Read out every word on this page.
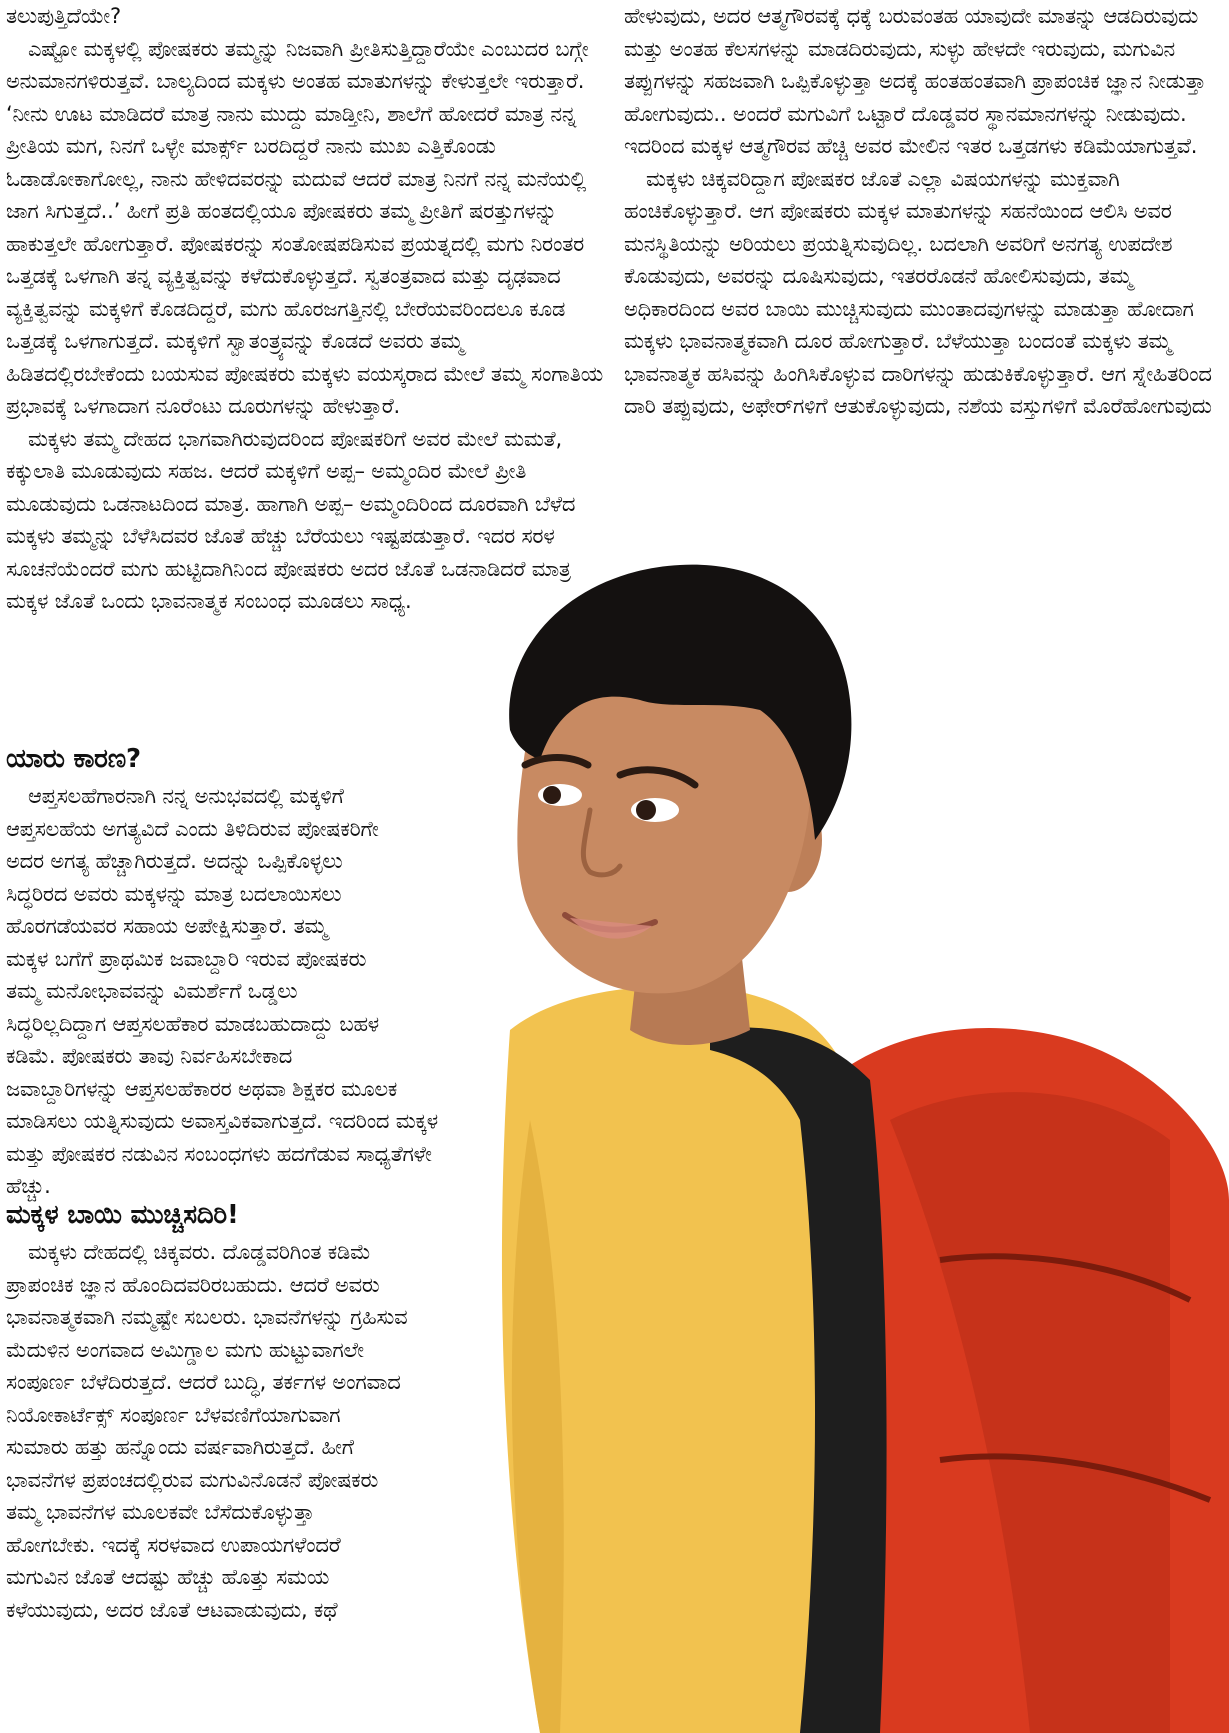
ತಲುಪುತ್ತಿದೆಯೇ?

ಎಷ್ಟೋ ಮಕ್ಕಳಲ್ಲಿ ಪೋಷಕರು ತಮ್ಮನ್ನು ನಿಜವಾಗಿ ಪ್ರೀತಿಸುತ್ತಿದ್ದಾರೆಯೇ ಎಂಬುದರ ಬಗ್ಗೇ ಅನುಮಾನಗಳಿರುತ್ತವೆ. ಬಾಲ್ಯದಿಂದ ಮಕ್ಕಳು ಅಂತಹ ಮಾತುಗಳನ್ನು ಕೇಳುತ್ತಲೇ ಇರುತ್ತಾರೆ. ‘ನೀನು ಊಟ ಮಾಡಿದರೆ ಮಾತ್ರ ನಾನು ಮುದ್ದು ಮಾಡ್ತೀನಿ, ಶಾಲೆಗೆ ಹೋದರೆ ಮಾತ್ರ ನನ್ನ ಪ್ರೀತಿಯ ಮಗ, ನಿನಗೆ ಒಳ್ಳೇ ಮಾರ್ಕ್ಸ್ ಬರದಿದ್ದರೆ ನಾನು ಮುಖ ಎತ್ತಿಕೊಂಡು ಓಡಾಡೋಕಾಗೋಲ್ಲ, ನಾನು ಹೇಳಿದವರನ್ನು ಮದುವೆ ಆದರೆ ಮಾತ್ರ ನಿನಗೆ ನನ್ನ ಮನೆಯಲ್ಲಿ ಜಾಗ ಸಿಗುತ್ತದೆ..’ ಹೀಗೆ ಪ್ರತಿ ಹಂತದಲ್ಲಿಯೂ ಪೋಷಕರು ತಮ್ಮ ಪ್ರೀತಿಗೆ ಷರತ್ತುಗಳನ್ನು ಹಾಕುತ್ತಲೇ ಹೋಗುತ್ತಾರೆ. ಪೋಷಕರನ್ನು ಸಂತೋಷಪಡಿಸುವ ಪ್ರಯತ್ನದಲ್ಲಿ ಮಗು ನಿರಂತರ ಒತ್ತಡಕ್ಕೆ ಒಳಗಾಗಿ ತನ್ನ ವ್ಯಕ್ತಿತ್ವವನ್ನು ಕಳೆದುಕೊಳ್ಳುತ್ತದೆ. ಸ್ವತಂತ್ರವಾದ ಮತ್ತು ದೃಢವಾದ ವ್ಯಕ್ತಿತ್ವವನ್ನು ಮಕ್ಕಳಿಗೆ ಕೊಡದಿದ್ದರೆ, ಮಗು ಹೊರಜಗತ್ತಿನಲ್ಲಿ ಬೇರೆಯವರಿಂದಲೂ ಕೂಡ ಒತ್ತಡಕ್ಕೆ ಒಳಗಾಗುತ್ತದೆ. ಮಕ್ಕಳಿಗೆ ಸ್ವಾತಂತ್ರ್ಯವನ್ನು ಕೊಡದೆ ಅವರು ತಮ್ಮ ಹಿಡಿತದಲ್ಲಿರಬೇಕೆಂದು ಬಯಸುವ ಪೋಷಕರು ಮಕ್ಕಳು ವಯಸ್ಕರಾದ ಮೇಲೆ ತಮ್ಮ ಸಂಗಾತಿಯ ಪ್ರಭಾವಕ್ಕೆ ಒಳಗಾದಾಗ ನೂರೆಂಟು ದೂರುಗಳನ್ನು ಹೇಳುತ್ತಾರೆ.

ಮಕ್ಕಳು ತಮ್ಮ ದೇಹದ ಭಾಗವಾಗಿರುವುದರಿಂದ ಪೋಷಕರಿಗೆ ಅವರ ಮೇಲೆ ಮಮತೆ, ಕಕ್ಕುಲಾತಿ ಮೂಡುವುದು ಸಹಜ. ಆದರೆ ಮಕ್ಕಳಿಗೆ ಅಪ್ಪ– ಅಮ್ಮಂದಿರ ಮೇಲೆ ಪ್ರೀತಿ ಮೂಡುವುದು ಒಡನಾಟದಿಂದ ಮಾತ್ರ. ಹಾಗಾಗಿ ಅಪ್ಪ– ಅಮ್ಮಂದಿರಿಂದ ದೂರವಾಗಿ ಬೆಳೆದ ಮಕ್ಕಳು ತಮ್ಮನ್ನು ಬೆಳೆಸಿದವರ ಜೊತೆ ಹೆಚ್ಚು ಬೆರೆಯಲು ಇಷ್ಟಪಡುತ್ತಾರೆ. ಇದರ ಸರಳ ಸೂಚನೆಯೆಂದರೆ ಮಗು ಹುಟ್ಟಿದಾಗಿನಿಂದ ಪೋಷಕರು ಅದರ ಜೊತೆ ಒಡನಾಡಿದರೆ ಮಾತ್ರ ಮಕ್ಕಳ ಜೊತೆ ಒಂದು ಭಾವನಾತ್ಮಕ ಸಂಬಂಧ ಮೂಡಲು ಸಾಧ್ಯ.

ಯಾರು ಕಾರಣ?

ಆಪ್ತಸಲಹೆಗಾರನಾಗಿ ನನ್ನ ಅನುಭವದಲ್ಲಿ ಮಕ್ಕಳಿಗೆ

ಆಪ್ತಸಲಹೆಯ ಅಗತ್ಯವಿದೆ ಎಂದು ತಿಳಿದಿರುವ ಪೋಷಕರಿಗೇ
ಅದರ ಅಗತ್ಯ ಹೆಚ್ಚಾಗಿರುತ್ತದೆ. ಅದನ್ನು ಒಪ್ಪಿಕೊಳ್ಳಲು
ಸಿದ್ಧರಿರದ ಅವರು ಮಕ್ಕಳನ್ನು ಮಾತ್ರ ಬದಲಾಯಿಸಲು
ಹೊರಗಡೆಯವರ ಸಹಾಯ ಅಪೇಕ್ಷಿಸುತ್ತಾರೆ. ತಮ್ಮ
ಮಕ್ಕಳ ಬಗೆಗೆ ಪ್ರಾಥಮಿಕ ಜವಾಬ್ದಾರಿ ಇರುವ ಪೋಷಕರು
ತಮ್ಮ ಮನೋಭಾವವನ್ನು ವಿಮರ್ಶೆಗೆ ಒಡ್ಡಲು
ಸಿದ್ಧರಿಲ್ಲದಿದ್ದಾಗ ಆಪ್ತಸಲಹೆಕಾರ ಮಾಡಬಹುದಾದ್ದು ಬಹಳ
ಕಡಿಮೆ. ಪೋಷಕರು ತಾವು ನಿರ್ವಹಿಸಬೇಕಾದ
ಜವಾಬ್ದಾರಿಗಳನ್ನು ಆಪ್ತಸಲಹೆಕಾರರ ಅಥವಾ ಶಿಕ್ಷಕರ ಮೂಲಕ
ಮಾಡಿಸಲು ಯತ್ನಿಸುವುದು ಅವಾಸ್ತವಿಕವಾಗುತ್ತದೆ. ಇದರಿಂದ ಮಕ್ಕಳ
ಮತ್ತು ಪೋಷಕರ ನಡುವಿನ ಸಂಬಂಧಗಳು ಹದಗೆಡುವ ಸಾಧ್ಯತೆಗಳೇ
ಹೆಚ್ಚು.
ಮಕ್ಕಳ ಬಾಯಿ ಮುಚ್ಚಿಸದಿರಿ!

ಮಕ್ಕಳು ದೇಹದಲ್ಲಿ ಚಿಕ್ಕವರು. ದೊಡ್ಡವರಿಗಿಂತ ಕಡಿಮೆ

ಪ್ರಾಪಂಚಿಕ ಜ್ಞಾನ ಹೊಂದಿದವರಿರಬಹುದು. ಆದರೆ ಅವರು
ಭಾವನಾತ್ಮಕವಾಗಿ ನಮ್ಮಷ್ಟೇ ಸಬಲರು. ಭಾವನೆಗಳನ್ನು ಗ್ರಹಿಸುವ
ಮೆದುಳಿನ ಅಂಗವಾದ ಅಮಿಗ್ಡಾಲ ಮಗು ಹುಟ್ಟುವಾಗಲೇ
ಸಂಪೂರ್ಣ ಬೆಳೆದಿರುತ್ತದೆ. ಆದರೆ ಬುದ್ಧಿ, ತರ್ಕಗಳ ಅಂಗವಾದ
ನಿಯೋಕಾರ್ಟೆಕ್ಸ್ ಸಂಪೂರ್ಣ ಬೆಳವಣಿಗೆಯಾಗುವಾಗ
ಸುಮಾರು ಹತ್ತು ಹನ್ನೊಂದು ವರ್ಷವಾಗಿರುತ್ತದೆ. ಹೀಗೆ
ಭಾವನೆಗಳ ಪ್ರಪಂಚದಲ್ಲಿರುವ ಮಗುವಿನೊಡನೆ ಪೋಷಕರು
ತಮ್ಮ ಭಾವನೆಗಳ ಮೂಲಕವೇ ಬೆಸೆದುಕೊಳ್ಳುತ್ತಾ
ಹೋಗಬೇಕು. ಇದಕ್ಕೆ ಸರಳವಾದ ಉಪಾಯಗಳೆಂದರೆ
ಮಗುವಿನ ಜೊತೆ ಆದಷ್ಟು ಹೆಚ್ಚು ಹೊತ್ತು ಸಮಯ
ಕಳೆಯುವುದು, ಅದರ ಜೊತೆ ಆಟವಾಡುವುದು, ಕಥೆ

ಹೇಳುವುದು, ಅದರ ಆತ್ಮಗೌರವಕ್ಕೆ ಧಕ್ಕೆ ಬರುವಂತಹ ಯಾವುದೇ ಮಾತನ್ನು ಆಡದಿರುವುದು ಮತ್ತು ಅಂತಹ ಕೆಲಸಗಳನ್ನು ಮಾಡದಿರುವುದು, ಸುಳ್ಳು ಹೇಳದೇ ಇರುವುದು, ಮಗುವಿನ ತಪ್ಪುಗಳನ್ನು ಸಹಜವಾಗಿ ಒಪ್ಪಿಕೊಳ್ಳುತ್ತಾ ಅದಕ್ಕೆ ಹಂತಹಂತವಾಗಿ ಪ್ರಾಪಂಚಿಕ ಜ್ಞಾನ ನೀಡುತ್ತಾ ಹೋಗುವುದು.. ಅಂದರೆ ಮಗುವಿಗೆ ಒಟ್ಟಾರೆ ದೊಡ್ಡವರ ಸ್ಥಾನಮಾನಗಳನ್ನು ನೀಡುವುದು. ಇದರಿಂದ ಮಕ್ಕಳ ಆತ್ಮಗೌರವ ಹೆಚ್ಚಿ ಅವರ ಮೇಲಿನ ಇತರ ಒತ್ತಡಗಳು ಕಡಿಮೆಯಾಗುತ್ತವೆ.

ಮಕ್ಕಳು ಚಿಕ್ಕವರಿದ್ದಾಗ ಪೋಷಕರ ಜೊತೆ ಎಲ್ಲಾ ವಿಷಯಗಳನ್ನು ಮುಕ್ತವಾಗಿ ಹಂಚಿಕೊಳ್ಳುತ್ತಾರೆ. ಆಗ ಪೋಷಕರು ಮಕ್ಕಳ ಮಾತುಗಳನ್ನು ಸಹನೆಯಿಂದ ಆಲಿಸಿ ಅವರ ಮನಸ್ಥಿತಿಯನ್ನು ಅರಿಯಲು ಪ್ರಯತ್ನಿಸುವುದಿಲ್ಲ. ಬದಲಾಗಿ ಅವರಿಗೆ ಅನಗತ್ಯ ಉಪದೇಶ ಕೊಡುವುದು, ಅವರನ್ನು ದೂಷಿಸುವುದು, ಇತರರೊಡನೆ ಹೋಲಿಸುವುದು, ತಮ್ಮ ಅಧಿಕಾರದಿಂದ ಅವರ ಬಾಯಿ ಮುಚ್ಚಿಸುವುದು ಮುಂತಾದವುಗಳನ್ನು ಮಾಡುತ್ತಾ ಹೋದಾಗ ಮಕ್ಕಳು ಭಾವನಾತ್ಮಕವಾಗಿ ದೂರ ಹೋಗುತ್ತಾರೆ. ಬೆಳೆಯುತ್ತಾ ಬಂದಂತೆ ಮಕ್ಕಳು ತಮ್ಮ ಭಾವನಾತ್ಮಕ ಹಸಿವನ್ನು ಹಿಂಗಿಸಿಕೊಳ್ಳುವ ದಾರಿಗಳನ್ನು ಹುಡುಕಿಕೊಳ್ಳುತ್ತಾರೆ. ಆಗ ಸ್ನೇಹಿತರಿಂದ ದಾರಿ ತಪ್ಪುವುದು, ಅಫೇರ್‌ಗಳಿಗೆ ಆತುಕೊಳ್ಳುವುದು, ನಶೆಯ ವಸ್ತುಗಳಿಗೆ ಮೊರೆಹೋಗುವುದು
